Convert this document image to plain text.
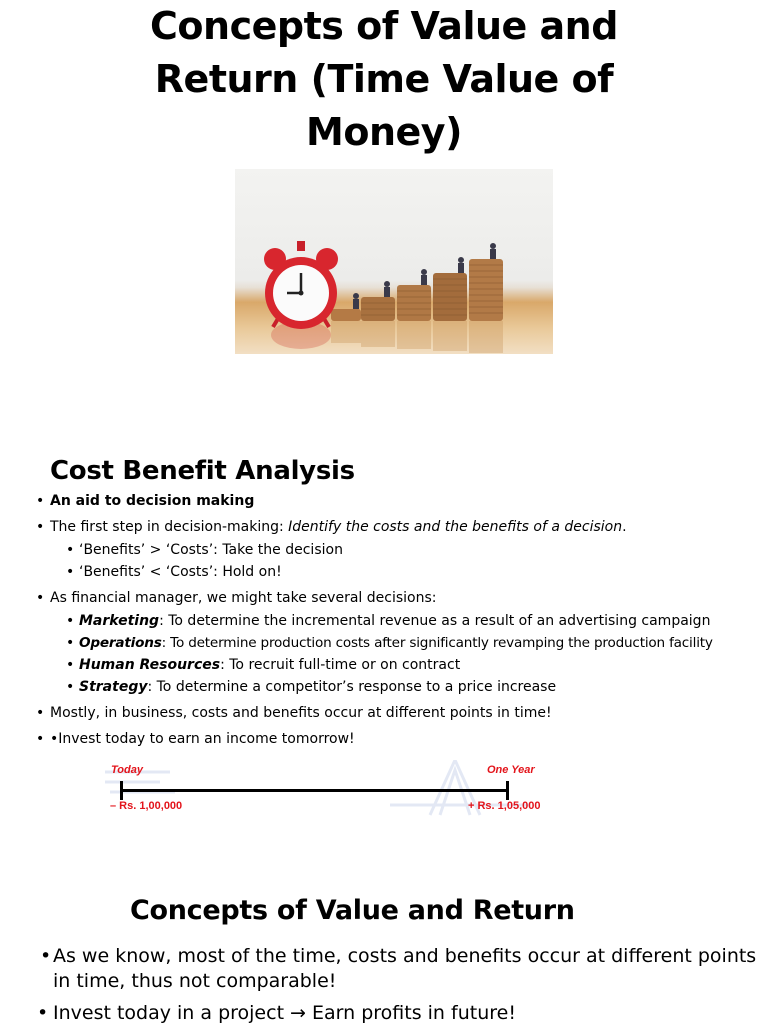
Concepts of Value and
Return (Time Value of
Money)
Cost Benefit Analysis
• An aid to decision making
• The first step in decision-making: Identify the costs and the benefits of a decision.
• ‘Benefits’ > ‘Costs’: Take the decision
• ‘Benefits’ < ‘Costs’: Hold on!
• As financial manager, we might take several decisions:
• Marketing: To determine the incremental revenue as a result of an advertising campaign
• Operations: To determine production costs after significantly revamping the production facility
• Human Resources: To recruit full-time or on contract
• Strategy: To determine a competitor’s response to a price increase
• Mostly, in business, costs and benefits occur at different points in time!
• •Invest today to earn an income tomorrow!
Today	One Year
– Rs. 1,00,000	+ Rs. 1,05,000
Concepts of Value and Return
• As we know, most of the time, costs and benefits occur at different points
in time, thus not comparable!
• Invest today in a project → Earn profits in future!
